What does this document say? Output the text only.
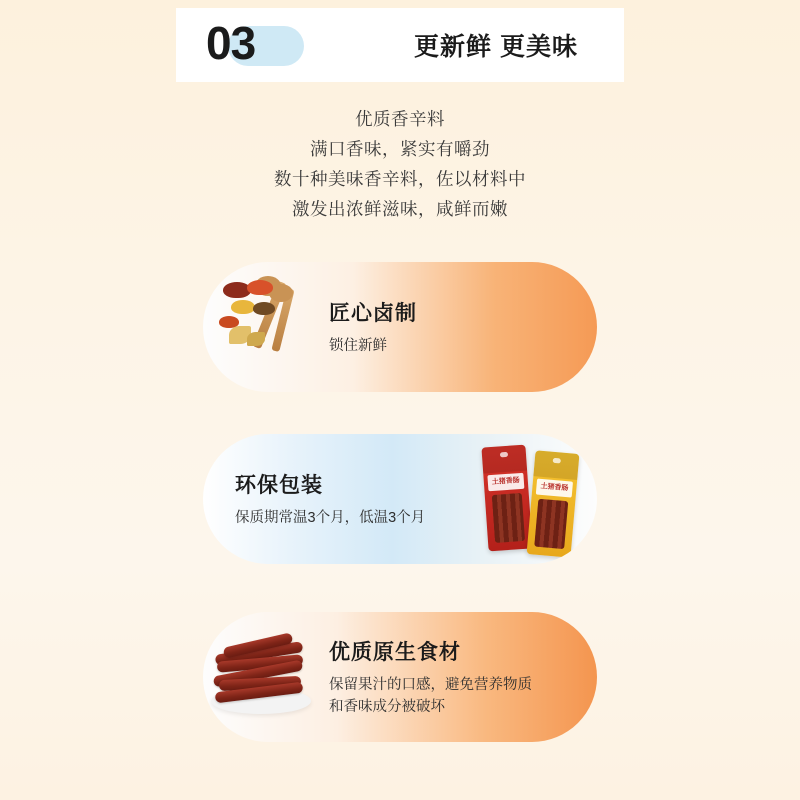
03	更新鲜 更美味
优质香辛料
满口香味，紧实有嚼劲
数十种美味香辛料，佐以材料中
激发出浓鲜滋味，咸鲜而嫩
匠心卤制
锁住新鲜
土猪香肠
土猪香肠
环保包装
保质期常温3个月，低温3个月
优质原生食材
保留果汁的口感，避免营养物质
和香味成分被破坏
